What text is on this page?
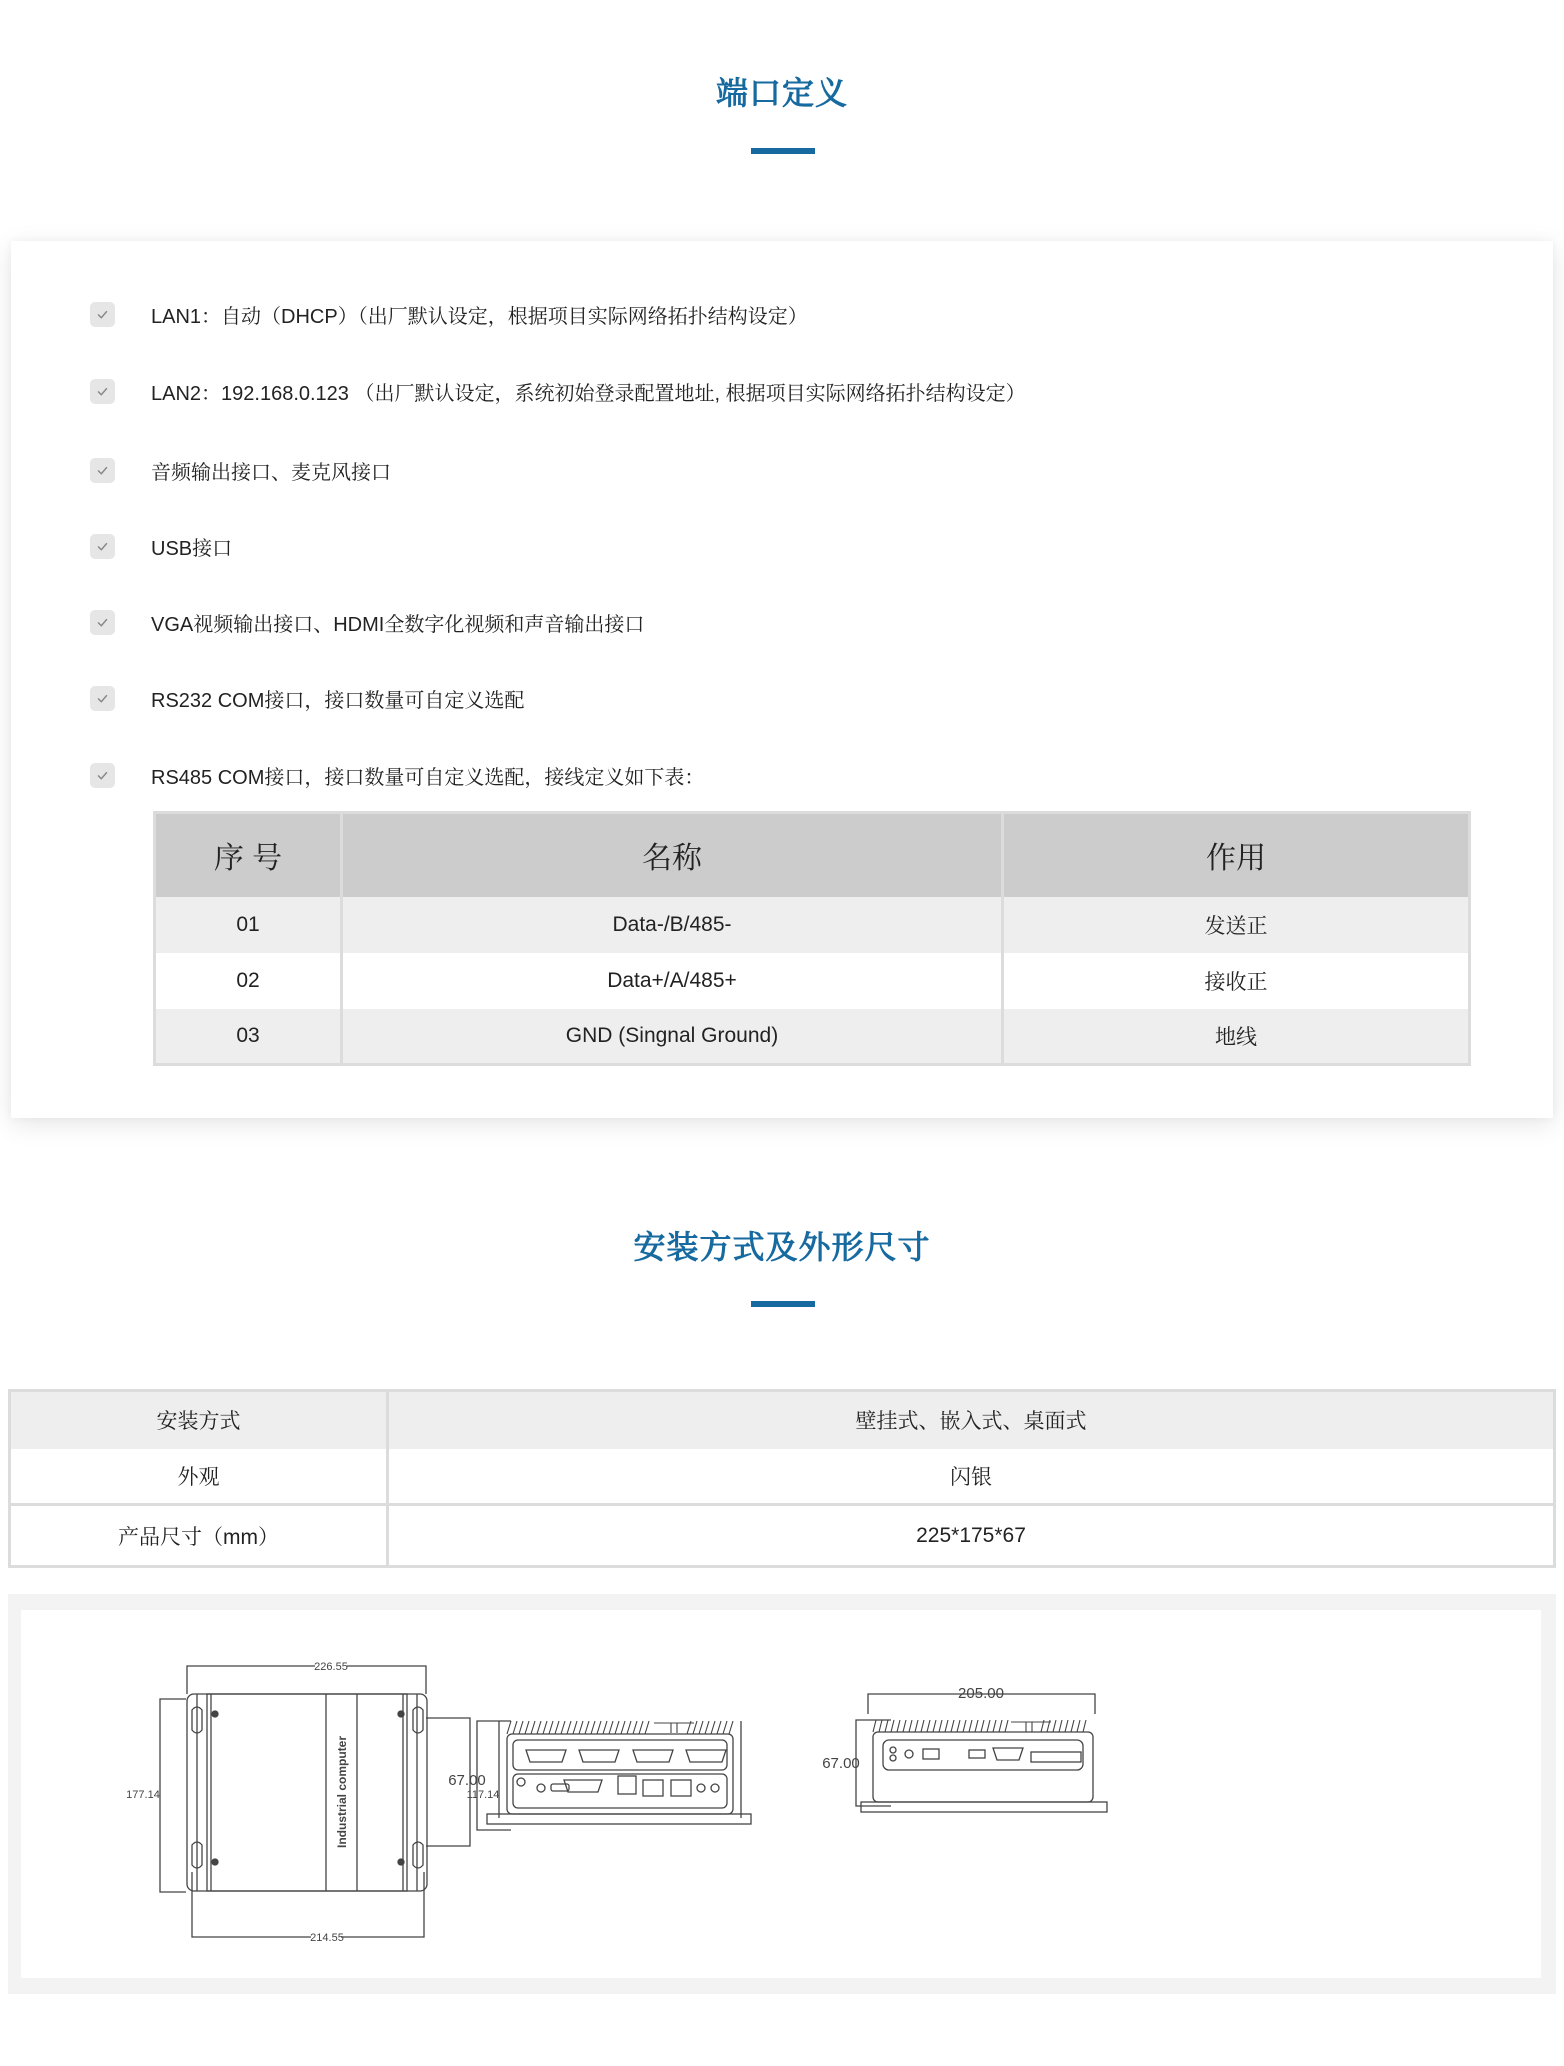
端口定义
LAN1：自动（DHCP）（出厂默认设定，根据项目实际网络拓扑结构设定）
LAN2：192.168.0.123 （出厂默认设定，系统初始登录配置地址, 根据项目实际网络拓扑结构设定）
音频输出接口、麦克风接口
USB接口
VGA视频输出接口、HDMI全数字化视频和声音输出接口
RS232 COM接口，接口数量可自定义选配
RS485 COM接口，接口数量可自定义选配，接线定义如下表：
序 号	名称	作用
01	Data-/B/485-	发送正
02	Data+/A/485+	接收正
03	GND (Singnal Ground)	地线
安装方式及外形尺寸
安装方式	壁挂式、嵌入式、桌面式
外观	闪银
产品尺寸（mm）	225*175*67
226.55
214.55
177.14	117.14
Industrial computer	67.00
205.00
67.00
